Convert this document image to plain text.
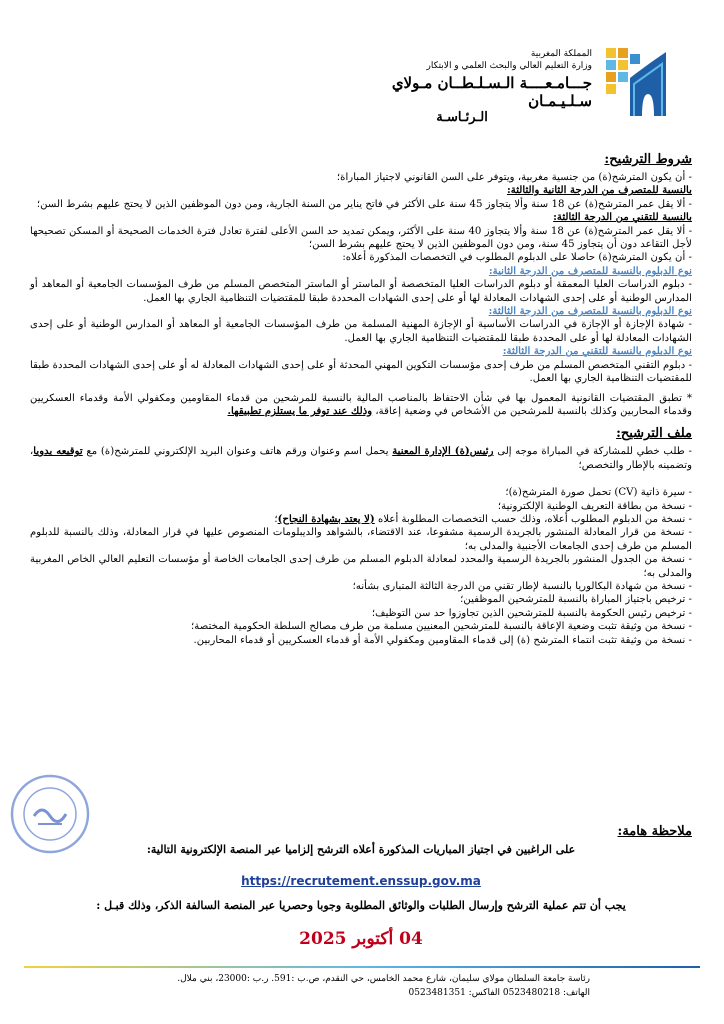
المملكة المغربية
وزارة التعليم العالي والبحث العلمي و الابتكار
جـــامـعــــة الـسـلـطــان مـولاي سـلـيـمـان
الـرئـاسـة
شروط الترشيح:

- أن يكون المترشح(ة) من جنسية مغربية، ويتوفر على السن القانوني لاجتياز المباراة؛

بالنسبة للمتصرف من الدرجة الثانية والثالثة:

- ألا يقل عمر المترشح(ة) عن 18 سنة وألا يتجاوز 45 سنة على الأكثر في فاتح يناير من السنة الجارية، ومن دون الموظفين الذين لا يحتج عليهم بشرط السن؛

بالنسبة للتقني من الدرجة الثالثة:

- ألا يقل عمر المترشح(ة) عن 18 سنة وألا يتجاوز 40 سنة على الأكثر، ويمكن تمديد حد السن الأعلى لفترة تعادل فترة الخدمات الصحيحة أو المسكن تصحيحها لأجل التقاعد دون أن يتجاوز 45 سنة، ومن دون الموظفين الذين لا يحتج عليهم بشرط السن؛

- أن يكون المترشح(ة) حاصلا على الدبلوم المطلوب في التخصصات المذكورة أعلاه:

نوع الدبلوم بالنسبة للمتصرف من الدرجة الثانية:

- دبلوم الدراسات العليا المعمقة أو دبلوم الدراسات العليا المتخصصة أو الماستر أو الماستر المتخصص المسلم من طرف المؤسسات الجامعية أو المعاهد أو المدارس الوطنية أو على إحدى الشهادات المعادلة لها أو على إحدى الشهادات المحددة طبقا للمقتضيات التنظامية الجاري بها العمل.

نوع الدبلوم بالنسبة للمتصرف من الدرجة الثالثة:

- شهادة الإجازة أو الإجازة في الدراسات الأساسية أو الإجازة المهنية المسلمة من طرف المؤسسات الجامعية أو المعاهد أو المدارس الوطنية أو على إحدى الشهادات المعادلة لها أو على المحددة طبقا للمقتضيات التنظامية الجاري بها العمل.

نوع الدبلوم بالنسبة للتقني من الدرجة الثالثة:

- دبلوم التقني المتخصص المسلم من طرف إحدى مؤسسات التكوين المهني المحدثة أو على إحدى الشهادات المعادلة له أو على إحدى الشهادات المحددة طبقا للمقتضيات التنظامية الجاري بها العمل.

* تطبق المقتضيات القانونية المعمول بها في شأن الاحتفاظ بالمناصب المالية بالنسبة للمرشحين من قدماء المقاومين ومكفولي الأمة وقدماء العسكريين وقدماء المحاربين وكذلك بالنسبة للمرشحين من الأشخاص في وضعية إعاقة، وذلك عند توفر ما يستلزم تطبيقها.

ملف الترشيح:

- طلب خطي للمشاركة في المباراة موجه إلى رئيس(ة) الإدارة المعنية يحمل اسم وعنوان ورقم هاتف وعنوان البريد الإلكتروني للمترشح(ة) مع توقيعه يدويا، وتضمينه بالإطار والتخصص؛

- سيرة ذاتية (CV) تحمل صورة المترشح(ة)؛

- نسخة من بطاقة التعريف الوطنية الإلكترونية؛

- نسخة من الدبلوم المطلوب أعلاه، وذلك حسب التخصصات المطلوبة أعلاه (لا يعتد بشهادة النجاح)؛

- نسخة من قرار المعادلة المنشور بالجريدة الرسمية مشفوعا، عند الاقتضاء، بالشواهد والديبلومات المنصوص عليها في قرار المعادلة، وذلك بالنسبة للدبلوم المسلم من طرف إحدى الجامعات الأجنبية والمدلى به؛

- نسخة من الجدول المنشور بالجريدة الرسمية والمحدد لمعادلة الدبلوم المسلم من طرف إحدى الجامعات الخاصة أو مؤسسات التعليم العالي الخاص المغربية والمدلى به؛

- نسخة من شهادة البكالوريا بالنسبة لإطار تقني من الدرجة الثالثة المتبارى بشأنه؛

- ترخيص باجتياز المباراة بالنسبة للمترشحين الموظفين؛

- ترخيص رئيس الحكومة بالنسبة للمترشحين الذين تجاوزوا حد سن التوظيف؛

- نسخة من وثيقة تثبت وضعية الإعاقة بالنسبة للمترشحين المعنيين مسلمة من طرف مصالح السلطة الحكومية المختصة؛

- نسخة من وثيقة تثبت انتماء المترشح (ة) إلى قدماء المقاومين ومكفولي الأمة أو قدماء العسكريين أو قدماء المحاربين.

ملاحظة هامة:

على الراغبين في اجتياز المباريات المذكورة أعلاه الترشح إلزاميا عبر المنصة الإلكترونية التالية:

https://recrutement.enssup.gov.ma

يجب أن تتم عملية الترشح وإرسال الطلبات والوثائق المطلوبة وجوبا وحصريا عبر المنصة السالفة الذكر، وذلك قبـل :

04 أكتوبر 2025

رئاسة جامعة السلطان مولاي سليمان، شارع محمد الخامس، حي النقدم، ص.ب :591. ر.ب :23000، بني ملال.
الهاتف: 0523480218 الفاكس: 0523481351
